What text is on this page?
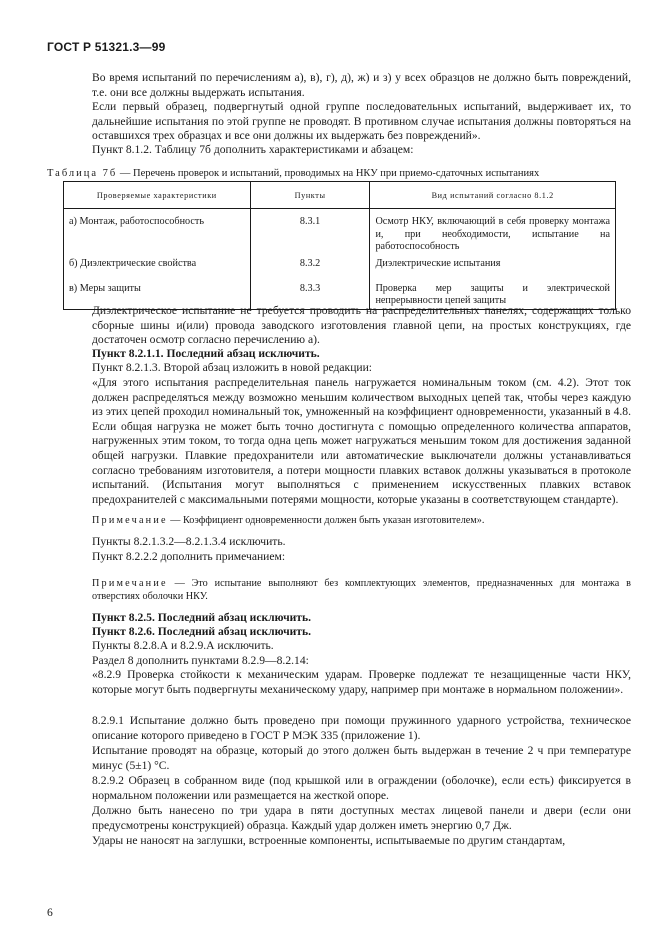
ГОСТ Р 51321.3—99
Во время испытаний по перечислениям а), в), г), д), ж) и з) у всех образцов не должно быть повреждений, т.е. они все должны выдержать испытания.
Если первый образец, подвергнутый одной группе последовательных испытаний, выдерживает их, то дальнейшие испытания по этой группе не проводят. В противном случае испытания должны повторяться на оставшихся трех образцах и все они должны их выдержать без повреждений».
Пункт 8.1.2. Таблицу 7б дополнить характеристиками и абзацем:
Таблица 7б — Перечень проверок и испытаний, проводимых на НКУ при приемо-сдаточных испытаниях
Проверяемые характеристики	Пункты	Вид испытаний согласно 8.1.2
а) Монтаж, работоспособность	8.3.1	Осмотр НКУ, включающий в себя проверку монтажа и, при необходимости, испытание на работоспособность
б) Диэлектрические свойства	8.3.2	Диэлектрические испытания
в) Меры защиты	8.3.3	Проверка мер защиты и электрической непрерывности цепей защиты
Диэлектрическое испытание не требуется проводить на распределительных панелях, содержащих только сборные шины и(или) провода заводского изготовления главной цепи, на простых конструкциях, где достаточен осмотр согласно перечислению а).
Пункт 8.2.1.1. Последний абзац исключить.
Пункт 8.2.1.3. Второй абзац изложить в новой редакции:
«Для этого испытания распределительная панель нагружается номинальным током (см. 4.2). Этот ток должен распределяться между возможно меньшим количеством выходных цепей так, чтобы через каждую из этих цепей проходил номинальный ток, умноженный на коэффициент одновременности, указанный в 4.8. Если общая нагрузка не может быть точно достигнута с помощью определенного количества аппаратов, нагруженных этим током, то тогда одна цепь может нагружаться меньшим током для достижения заданной общей нагрузки. Плавкие предохранители или автоматические выключатели должны устанавливаться согласно требованиям изготовителя, а потери мощности плавких вставок должны указываться в протоколе испытаний. (Испытания могут выполняться с применением искусственных плавких вставок предохранителей с максимальными потерями мощности, которые указаны в соответствующем стандарте).
Примечание — Коэффициент одновременности должен быть указан изготовителем».
Пункты 8.2.1.3.2—8.2.1.3.4 исключить.
Пункт 8.2.2.2 дополнить примечанием:
Примечание — Это испытание выполняют без комплектующих элементов, предназначенных для монтажа в отверстиях оболочки НКУ.
Пункт 8.2.5. Последний абзац исключить.
Пункт 8.2.6. Последний абзац исключить.
Пункты 8.2.8.А и 8.2.9.А исключить.
Раздел 8 дополнить пунктами 8.2.9—8.2.14:
«8.2.9 Проверка стойкости к механическим ударам. Проверке подлежат те незащищенные части НКУ, которые могут быть подвергнуты механическому удару, например при монтаже в нормальном положении».
8.2.9.1 Испытание должно быть проведено при помощи пружинного ударного устройства, техническое описание которого приведено в ГОСТ Р МЭК 335 (приложение 1).
Испытание проводят на образце, который до этого должен быть выдержан в течение 2 ч при температуре минус (5±1) °С.
8.2.9.2 Образец в собранном виде (под крышкой или в ограждении (оболочке), если есть) фиксируется в нормальном положении или размещается на жесткой опоре.
Должно быть нанесено по три удара в пяти доступных местах лицевой панели и двери (если они предусмотрены конструкцией) образца. Каждый удар должен иметь энергию 0,7 Дж.
Удары не наносят на заглушки, встроенные компоненты, испытываемые по другим стандартам,
6
